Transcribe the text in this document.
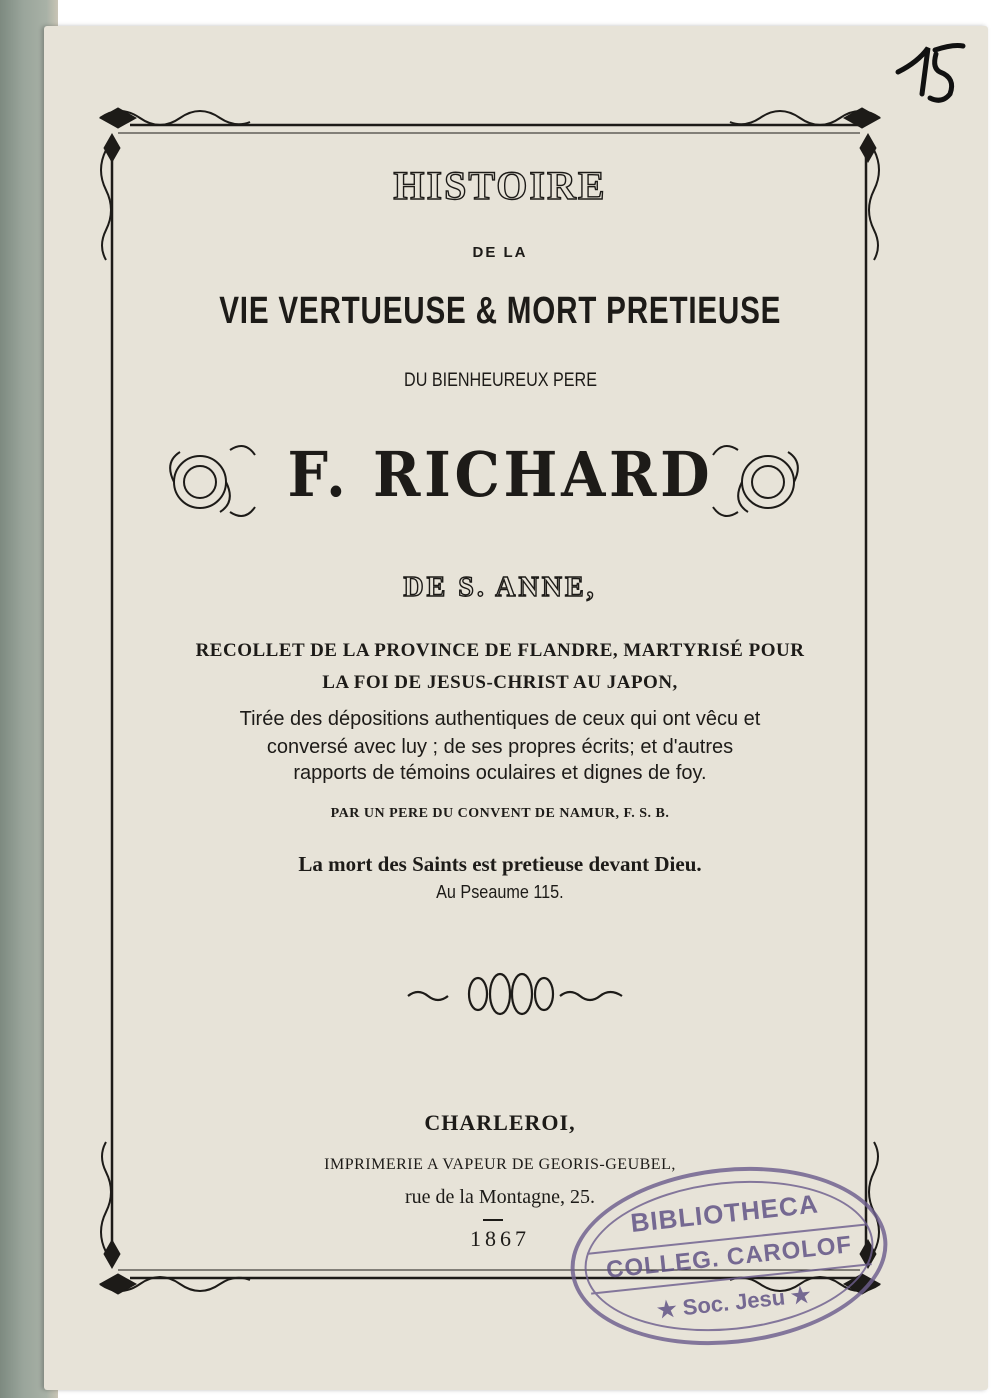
HISTOIRE
DE LA
VIE VERTUEUSE & MORT PRETIEUSE
DU BIENHEUREUX PERE
F. RICHARD
DE S. ANNE,
RECOLLET DE LA PROVINCE DE FLANDRE, MARTYRISÉ POUR
LA FOI DE JESUS-CHRIST AU JAPON,
Tirée des dépositions authentiques de ceux qui ont vêcu et
conversé avec luy ; de ses propres écrits; et d'autres
rapports de témoins oculaires et dignes de foy.
PAR UN PERE DU CONVENT DE NAMUR, F. S. B.
La mort des Saints est pretieuse devant Dieu.
Au Pseaume 115.
CHARLEROI,
IMPRIMERIE A VAPEUR DE GEORIS-GEUBEL,
rue de la Montagne, 25.
1867
BIBLIOTHECA
COLLEG. CAROLOF
★ Soc. Jesu ★
